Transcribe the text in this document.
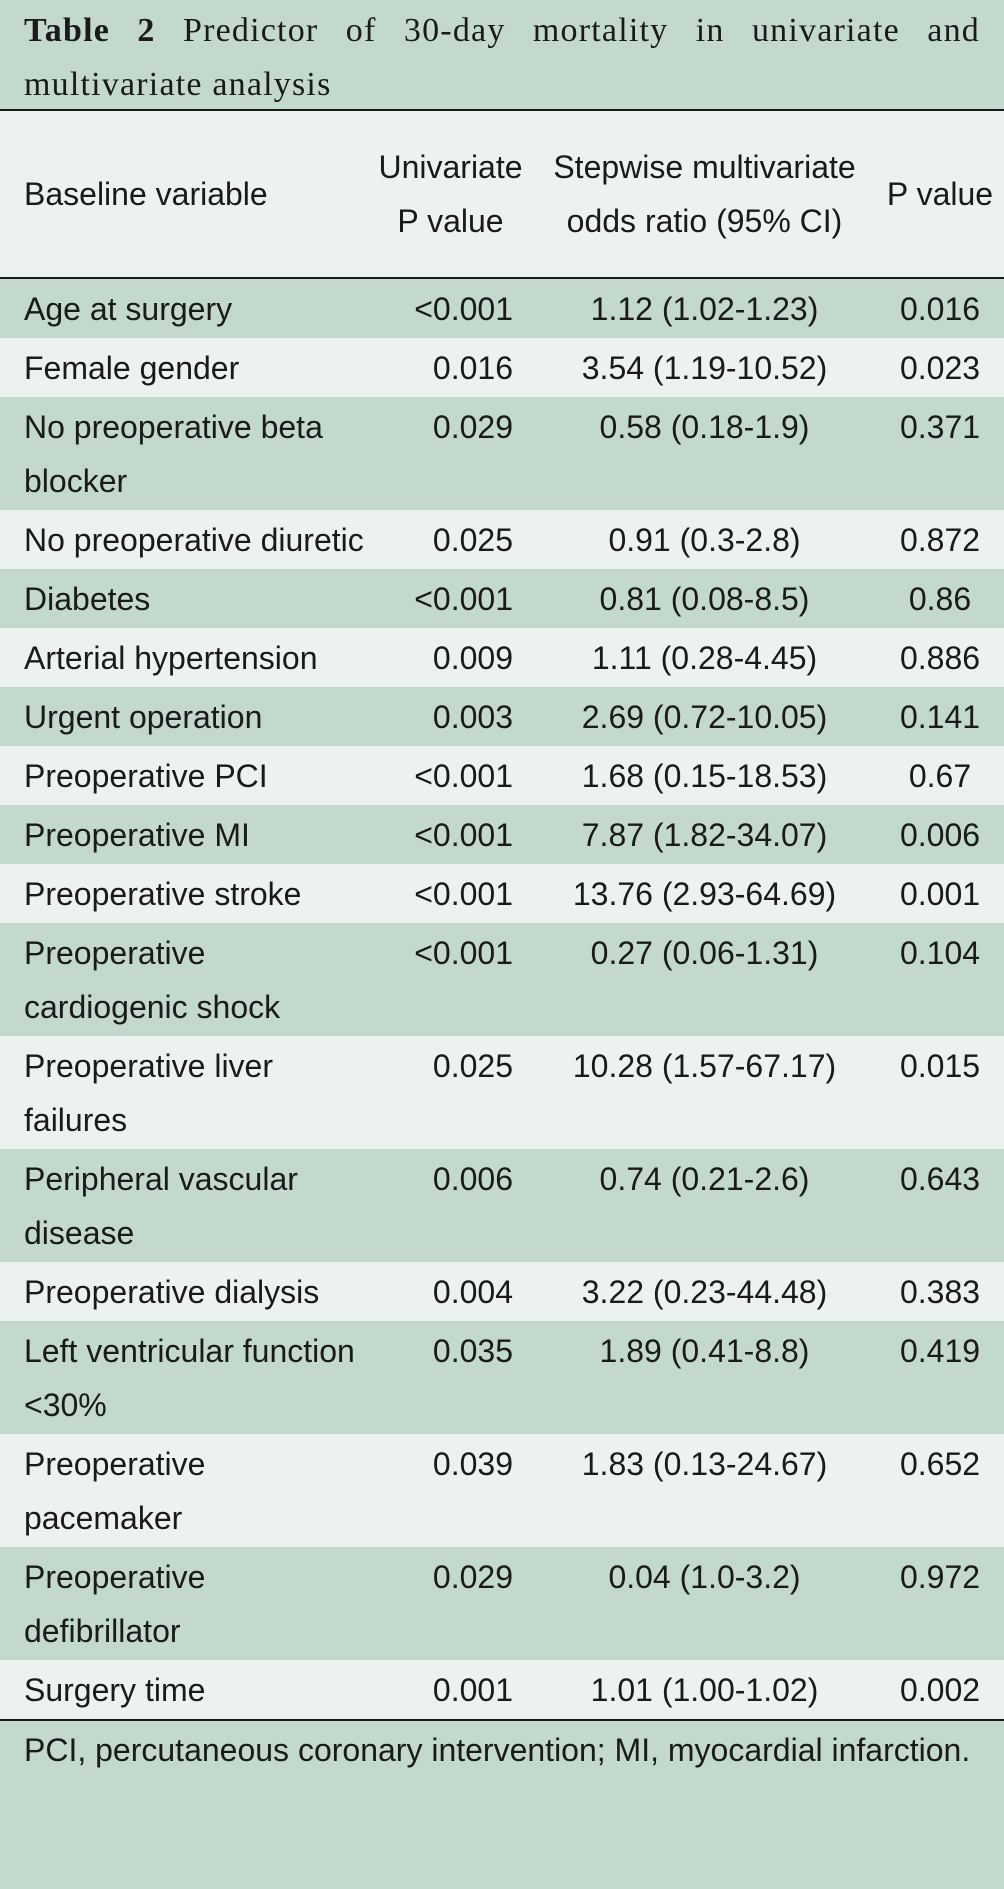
Table 2 Predictor of 30-day mortality in univariate and multivariate analysis
Baseline variable	Univariate P value	Stepwise multivariate odds ratio (95% CI)	P value
Age at surgery	<0.001	1.12 (1.02-1.23)	0.016
Female gender	0.016	3.54 (1.19-10.52)	0.023
No preoperative beta blocker	0.029	0.58 (0.18-1.9)	0.371
No preoperative diuretic	0.025	0.91 (0.3-2.8)	0.872
Diabetes	<0.001	0.81 (0.08-8.5)	0.86
Arterial hypertension	0.009	1.11 (0.28-4.45)	0.886
Urgent operation	0.003	2.69 (0.72-10.05)	0.141
Preoperative PCI	<0.001	1.68 (0.15-18.53)	0.67
Preoperative MI	<0.001	7.87 (1.82-34.07)	0.006
Preoperative stroke	<0.001	13.76 (2.93-64.69)	0.001
Preoperative cardiogenic shock	<0.001	0.27 (0.06-1.31)	0.104
Preoperative liver failures	0.025	10.28 (1.57-67.17)	0.015
Peripheral vascular disease	0.006	0.74 (0.21-2.6)	0.643
Preoperative dialysis	0.004	3.22 (0.23-44.48)	0.383
Left ventricular function <30%	0.035	1.89 (0.41-8.8)	0.419
Preoperative pacemaker	0.039	1.83 (0.13-24.67)	0.652
Preoperative defibrillator	0.029	0.04 (1.0-3.2)	0.972
Surgery time	0.001	1.01 (1.00-1.02)	0.002
PCI, percutaneous coronary intervention; MI, myocardial infarction.
